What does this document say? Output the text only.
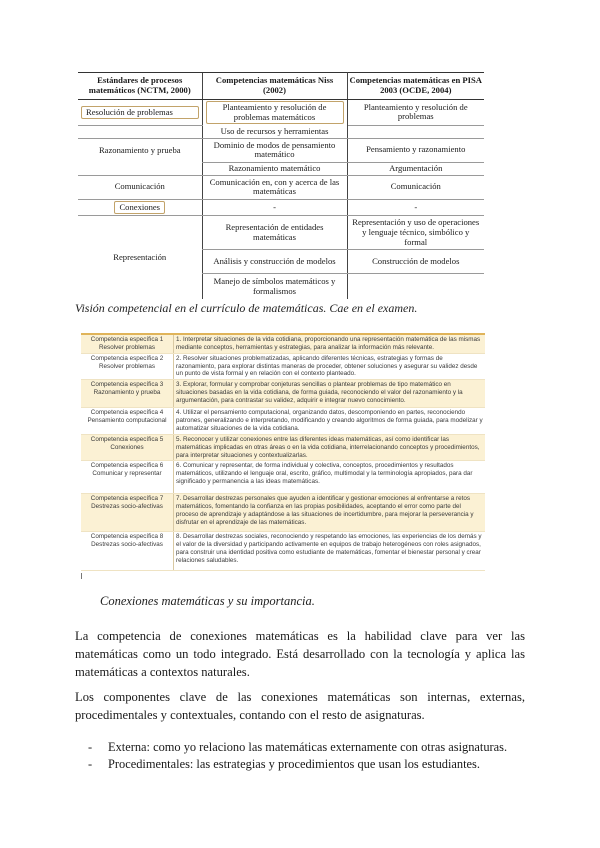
Estándares de procesos matemáticos (NCTM, 2000)	Competencias matemáticas Niss (2002)	Competencias matemáticas en PISA 2003 (OCDE, 2004)

Resolución de problemas	Planteamiento y resolución de problemas matemáticos	Planteamiento y resolución de problemas
	Uso de recursos y herramientas	
Razonamiento y prueba	Dominio de modos de pensamiento matemático	Pensamiento y razonamiento
	Razonamiento matemático	Argumentación
Comunicación	Comunicación en, con y acerca de las matemáticas	Comunicación
Conexiones	-	-
Representación	Representación de entidades matemáticas	Representación y uso de operaciones y lenguaje técnico, simbólico y formal
	Análisis y construcción de modelos	Construcción de modelos
	Manejo de símbolos matemáticos y formalismos	
Visión competencial en el currículo de matemáticas. Cae en el examen.
Competencia específica 1 Resolver problemas	1. Interpretar situaciones de la vida cotidiana, proporcionando una representación matemática de las mismas mediante conceptos, herramientas y estrategias, para analizar la información más relevante.
Competencia específica 2 Resolver problemas	2. Resolver situaciones problematizadas, aplicando diferentes técnicas, estrategias y formas de razonamiento, para explorar distintas maneras de proceder, obtener soluciones y asegurar su validez desde un punto de vista formal y en relación con el contexto planteado.
Competencia específica 3 Razonamiento y prueba	3. Explorar, formular y comprobar conjeturas sencillas o plantear problemas de tipo matemático en situaciones basadas en la vida cotidiana, de forma guiada, reconociendo el valor del razonamiento y la argumentación, para contrastar su validez, adquirir e integrar nuevo conocimiento.
Competencia específica 4 Pensamiento computacional	4. Utilizar el pensamiento computacional, organizando datos, descomponiendo en partes, reconociendo patrones, generalizando e interpretando, modificando y creando algoritmos de forma guiada, para modelizar y automatizar situaciones de la vida cotidiana.
Competencia específica 5 Conexiones	5. Reconocer y utilizar conexiones entre las diferentes ideas matemáticas, así como identificar las matemáticas implicadas en otras áreas o en la vida cotidiana, interrelacionando conceptos y procedimientos, para interpretar situaciones y contextualizarlas.
Competencia específica 6 Comunicar y representar	6. Comunicar y representar, de forma individual y colectiva, conceptos, procedimientos y resultados matemáticos, utilizando el lenguaje oral, escrito, gráfico, multimodal y la terminología apropiados, para dar significado y permanencia a las ideas matemáticas.
Competencia específica 7 Destrezas socio-afectivas	7. Desarrollar destrezas personales que ayuden a identificar y gestionar emociones al enfrentarse a retos matemáticos, fomentando la confianza en las propias posibilidades, aceptando el error como parte del proceso de aprendizaje y adaptándose a las situaciones de incertidumbre, para mejorar la perseverancia y disfrutar en el aprendizaje de las matemáticas.
Competencia específica 8 Destrezas socio-afectivas	8. Desarrollar destrezas sociales, reconociendo y respetando las emociones, las experiencias de los demás y el valor de la diversidad y participando activamente en equipos de trabajo heterogéneos con roles asignados, para construir una identidad positiva como estudiante de matemáticas, fomentar el bienestar personal y crear relaciones saludables.
Conexiones matemáticas y su importancia.
La competencia de conexiones matemáticas es la habilidad clave para ver las matemáticas como un todo integrado. Está desarrollado con la tecnología y aplica las matemáticas a contextos naturales.
Los componentes clave de las conexiones matemáticas son internas, externas, procedimentales y contextuales, contando con el resto de asignaturas.
- Externa: como yo relaciono las matemáticas externamente con otras asignaturas.
- Procedimentales: las estrategias y procedimientos que usan los estudiantes.
